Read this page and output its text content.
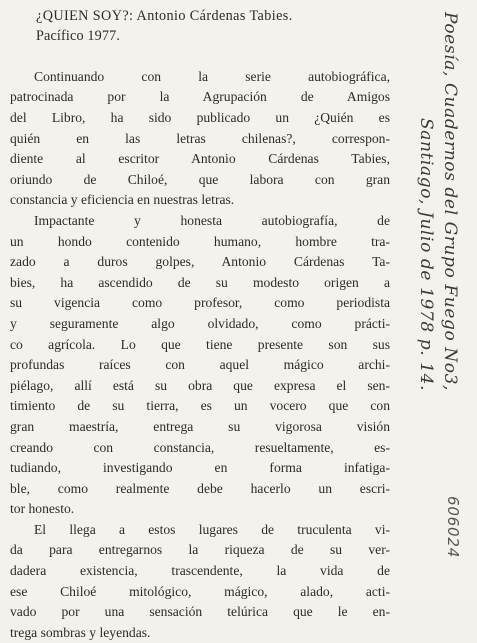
¿QUIEN SOY?: Antonio Cárdenas Tabies.
Pacífico 1977.
Continuando con la serie autobiográfica,
patrocinada por la Agrupación de Amigos
del Libro, ha sido publicado un ¿Quién es
quién en las letras chilenas?, correspon-
diente al escritor Antonio Cárdenas Tabies,
oriundo de Chiloé, que labora con gran
constancia y eficiencia en nuestras letras.
Impactante y honesta autobiografía, de
un hondo contenido humano, hombre tra-
zado a duros golpes, Antonio Cárdenas Ta-
bies, ha ascendido de su modesto origen a
su vigencia como profesor, como periodista
y seguramente algo olvidado, como prácti-
co agrícola. Lo que tiene presente son sus
profundas raíces con aquel mágico archi-
piélago, allí está su obra que expresa el sen-
timiento de su tierra, es un vocero que con
gran maestría, entrega su vigorosa visión
creando con constancia, resueltamente, es-
tudiando, investigando en forma infatiga-
ble, como realmente debe hacerlo un escri-
tor honesto.
El llega a estos lugares de truculenta vi-
da para entregarnos la riqueza de su ver-
dadera existencia, trascendente, la vida de
ese Chiloé mitológico, mágico, alado, acti-
vado por una sensación telúrica que le en-
trega sombras y leyendas.
Poesía, Cuadernos del Grupo Fuego No3,
Santiago, Julio de 1978 p. 14.
606024
